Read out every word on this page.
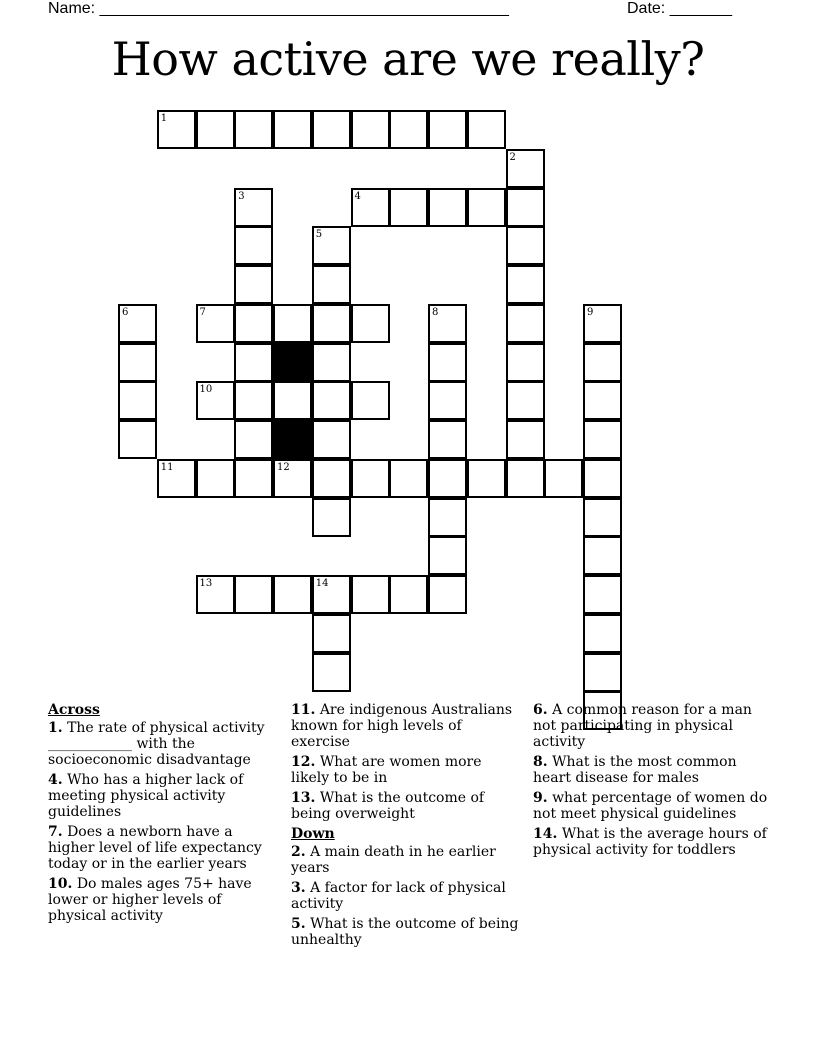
Name: ______________________________________________	Date: _______
How active are we really?
1
2
3	4
5
6	7	8	9
10
11	12
13	14
Across
1. The rate of physical activity ____________ with the socioeconomic disadvantage
4. Who has a higher lack of meeting physical activity guidelines
7. Does a newborn have a higher level of life expectancy today or in the earlier years
10. Do males ages 75+ have lower or higher levels of physical activity
11. Are indigenous Australians known for high levels of exercise
12. What are women more likely to be in
13. What is the outcome of being overweight
Down
2. A main death in he earlier years
3. A factor for lack of physical activity
5. What is the outcome of being unhealthy
6. A common reason for a man not participating in physical activity
8. What is the most common heart disease for males
9. what percentage of women do not meet physical guidelines
14. What is the average hours of physical activity for toddlers
